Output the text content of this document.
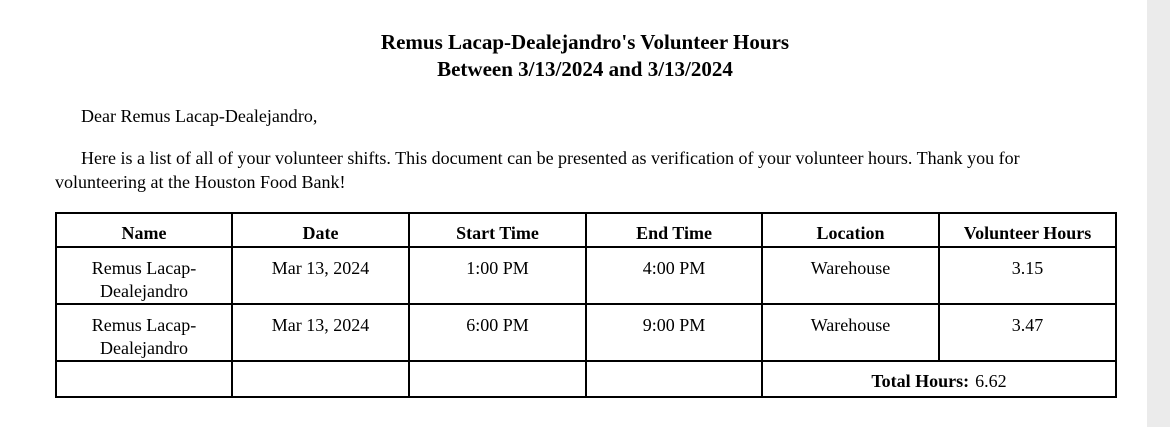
Remus Lacap-Dealejandro's Volunteer Hours
Between 3/13/2024 and 3/13/2024
Dear Remus Lacap-Dealejandro,
Here is a list of all of your volunteer shifts. This document can be presented as verification of your volunteer hours. Thank you for volunteering at the Houston Food Bank!
Name	Date	Start Time	End Time	Location	Volunteer Hours

Remus Lacap-
Dealejandro	Mar 13, 2024	1:00 PM	4:00 PM	Warehouse	3.15

Remus Lacap-
Dealejandro	Mar 13, 2024	6:00 PM	9:00 PM	Warehouse	3.47
				Total Hours: 6.62	
